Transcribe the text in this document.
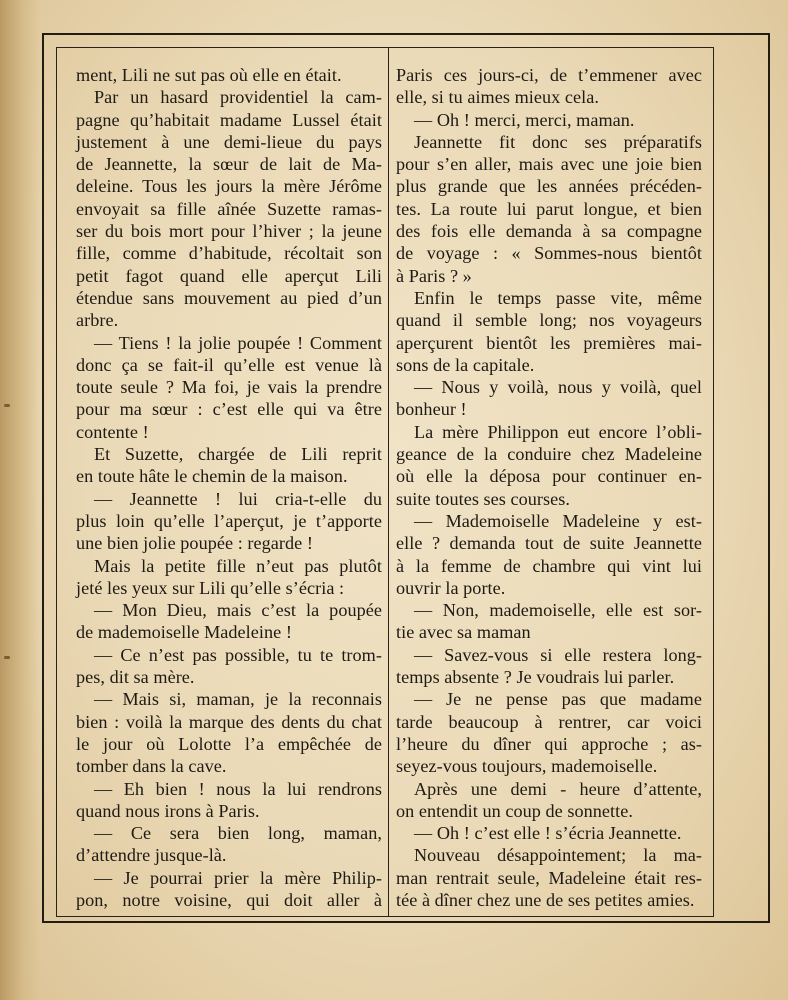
ment, Lili ne sut pas où elle en était.
Par un hasard providentiel la cam-
pagne qu’habitait madame Lussel était
justement à une demi-lieue du pays
de Jeannette, la sœur de lait de Ma-
deleine. Tous les jours la mère Jérôme
envoyait sa fille aînée Suzette ramas-
ser du bois mort pour l’hiver ; la jeune
fille, comme d’habitude, récoltait son
petit fagot quand elle aperçut Lili
étendue sans mouvement au pied d’un
arbre.
— Tiens ! la jolie poupée ! Comment
donc ça se fait-il qu’elle est venue là
toute seule ? Ma foi, je vais la prendre
pour ma sœur : c’est elle qui va être
contente !
Et Suzette, chargée de Lili reprit
en toute hâte le chemin de la maison.
— Jeannette ! lui cria-t-elle du
plus loin qu’elle l’aperçut, je t’apporte
une bien jolie poupée : regarde !
Mais la petite fille n’eut pas plutôt
jeté les yeux sur Lili qu’elle s’écria :
— Mon Dieu, mais c’est la poupée
de mademoiselle Madeleine !
— Ce n’est pas possible, tu te trom-
pes, dit sa mère.
— Mais si, maman, je la reconnais
bien : voilà la marque des dents du chat
le jour où Lolotte l’a empêchée de
tomber dans la cave.
— Eh bien ! nous la lui rendrons
quand nous irons à Paris.
— Ce sera bien long, maman,
d’attendre jusque-là.
— Je pourrai prier la mère Philip-
pon, notre voisine, qui doit aller à
Paris ces jours-ci, de t’emmener avec
elle, si tu aimes mieux cela.
— Oh ! merci, merci, maman.
Jeannette fit donc ses préparatifs
pour s’en aller, mais avec une joie bien
plus grande que les années précéden-
tes. La route lui parut longue, et bien
des fois elle demanda à sa compagne
de voyage : « Sommes-nous bientôt
à Paris ? »
Enfin le temps passe vite, même
quand il semble long; nos voyageurs
aperçurent bientôt les premières mai-
sons de la capitale.
— Nous y voilà, nous y voilà, quel
bonheur !
La mère Philippon eut encore l’obli-
geance de la conduire chez Madeleine
où elle la déposa pour continuer en-
suite toutes ses courses.
— Mademoiselle Madeleine y est-
elle ? demanda tout de suite Jeannette
à la femme de chambre qui vint lui
ouvrir la porte.
— Non, mademoiselle, elle est sor-
tie avec sa maman
— Savez-vous si elle restera long-
temps absente ? Je voudrais lui parler.
— Je ne pense pas que madame
tarde beaucoup à rentrer, car voici
l’heure du dîner qui approche ; as-
seyez-vous toujours, mademoiselle.
Après une demi - heure d’attente,
on entendit un coup de sonnette.
— Oh ! c’est elle ! s’écria Jeannette.
Nouveau désappointement; la ma-
man rentrait seule, Madeleine était res-
tée à dîner chez une de ses petites amies.
